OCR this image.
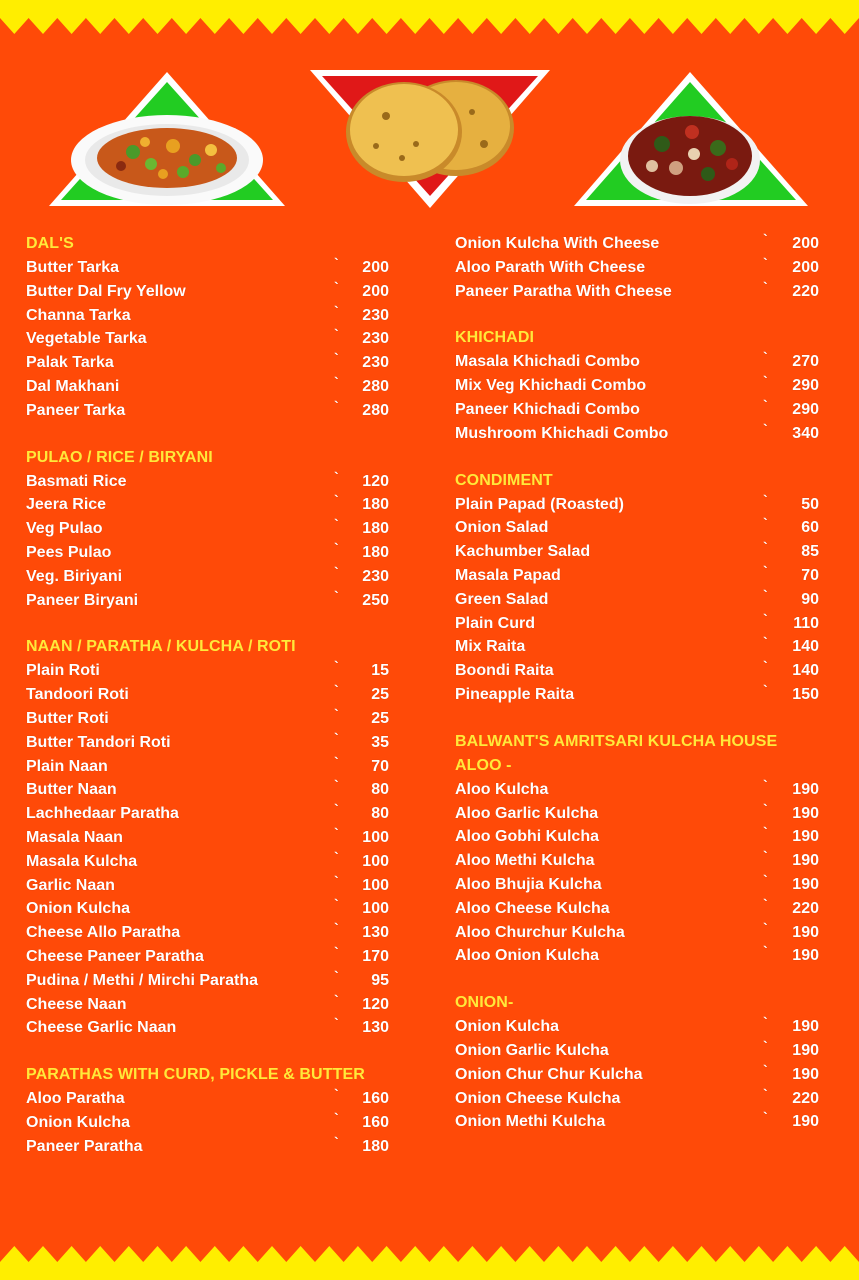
DAL'S
Butter Tarka	` 200
Butter Dal Fry Yellow	` 200
Channa Tarka	` 230
Vegetable Tarka	` 230
Palak Tarka	` 230
Dal Makhani	` 280
Paneer Tarka	` 280
PULAO / RICE / BIRYANI
Basmati Rice	` 120
Jeera Rice	` 180
Veg Pulao	` 180
Pees Pulao	` 180
Veg. Biriyani	` 230
Paneer Biryani	` 250
NAAN / PARATHA / KULCHA / ROTI
Plain Roti	` 15
Tandoori Roti	` 25
Butter Roti	` 25
Butter Tandori Roti	` 35
Plain Naan	` 70
Butter Naan	` 80
Lachhedaar Paratha	` 80
Masala Naan	` 100
Masala Kulcha	` 100
Garlic Naan	` 100
Onion Kulcha	` 100
Cheese Allo Paratha	` 130
Cheese Paneer Paratha	` 170
Pudina / Methi / Mirchi Paratha	` 95
Cheese Naan	` 120
Cheese Garlic Naan	` 130
PARATHAS WITH CURD, PICKLE & BUTTER
Aloo Paratha	` 160
Onion Kulcha	` 160
Paneer Paratha	` 180
Onion Kulcha With Cheese	` 200
Aloo Parath With Cheese	` 200
Paneer Paratha With Cheese	` 220
KHICHADI
Masala Khichadi Combo	` 270
Mix Veg Khichadi Combo	` 290
Paneer Khichadi Combo	` 290
Mushroom Khichadi Combo	` 340
CONDIMENT
Plain Papad (Roasted)	` 50
Onion Salad	` 60
Kachumber Salad	` 85
Masala Papad	` 70
Green Salad	` 90
Plain Curd	` 110
Mix Raita	` 140
Boondi Raita	` 140
Pineapple Raita	` 150
BALWANT'S AMRITSARI KULCHA HOUSE
ALOO -
Aloo Kulcha	` 190
Aloo Garlic Kulcha	` 190
Aloo Gobhi Kulcha	` 190
Aloo Methi Kulcha	` 190
Aloo Bhujia Kulcha	` 190
Aloo Cheese Kulcha	` 220
Aloo Churchur Kulcha	` 190
Aloo Onion Kulcha	` 190
ONION-
Onion Kulcha	` 190
Onion Garlic Kulcha	` 190
Onion Chur Chur Kulcha	` 190
Onion Cheese Kulcha	` 220
Onion Methi Kulcha	` 190
